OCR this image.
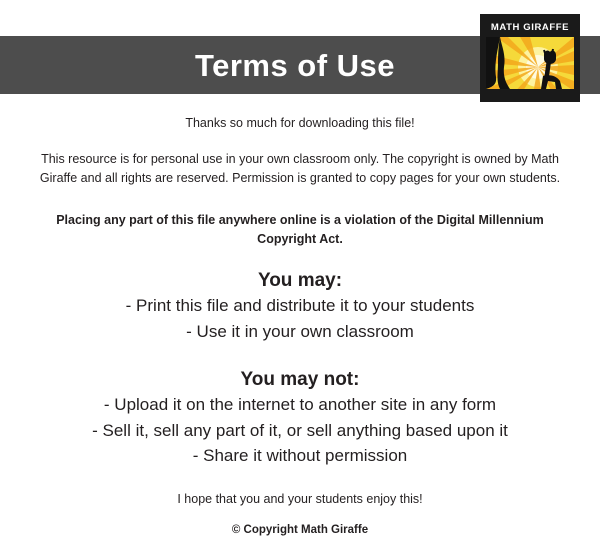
Terms of Use
MATH GIRAFFE

Thanks so much for downloading this file!

This resource is for personal use in your own classroom only. The copyright is owned by Math Giraffe and all rights are reserved. Permission is granted to copy pages for your own students.

Placing any part of this file anywhere online is a violation of the Digital Millennium Copyright Act.

You may:

- Print this file and distribute it to your students

- Use it in your own classroom

You may not:

- Upload it on the internet to another site in any form

- Sell it, sell any part of it, or sell anything based upon it

- Share it without permission

I hope that you and your students enjoy this!

© Copyright Math Giraffe
